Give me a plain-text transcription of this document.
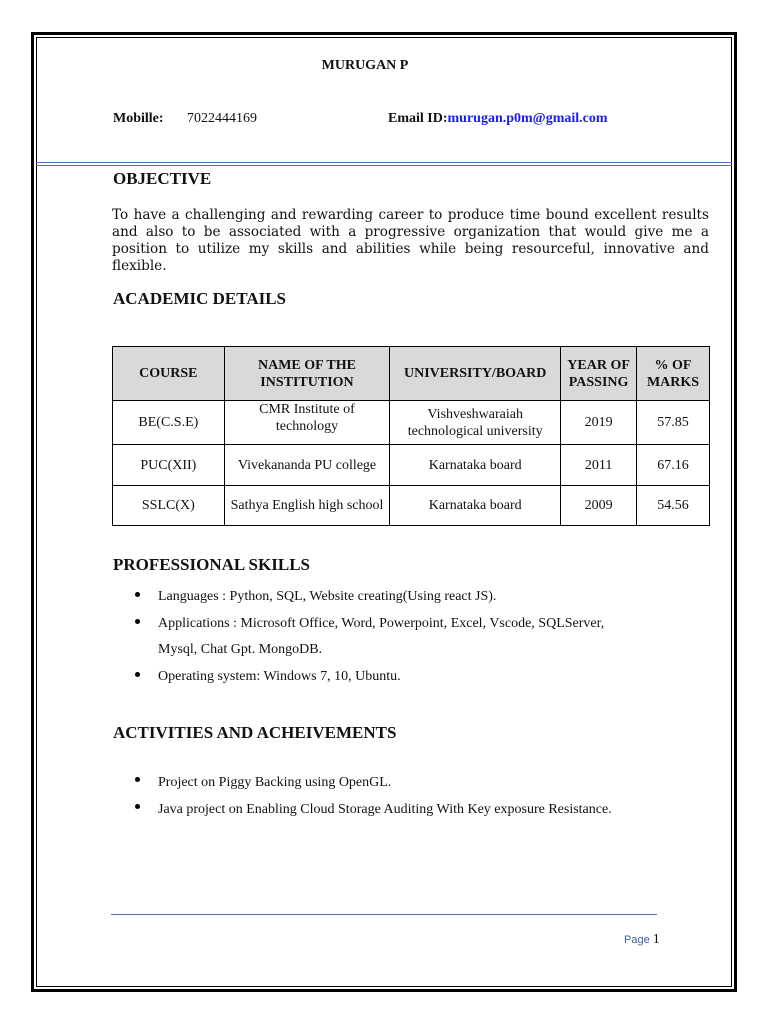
MURUGAN P
Mobille: 7022444169	Email ID:murugan.p0m@gmail.com
OBJECTIVE
To have a challenging and rewarding career to produce time bound excellent results and also to be associated with a progressive organization that would give me a position to utilize my skills and abilities while being resourceful, innovative and flexible.
ACADEMIC DETAILS
COURSE	NAME OF THE INSTITUTION	UNIVERSITY/BOARD	YEAR OF PASSING	% OF MARKS
BE(C.S.E)	CMR Institute of technology	Vishveshwaraiah technological university	2019	57.85
PUC(XII)	Vivekananda PU college	Karnataka board	2011	67.16
SSLC(X)	Sathya English high school	Karnataka board	2009	54.56
PROFESSIONAL SKILLS
Languages : Python, SQL, Website creating(Using react JS).
Applications : Microsoft Office, Word, Powerpoint, Excel, Vscode, SQLServer, Mysql, Chat Gpt. MongoDB.
Operating system: Windows 7, 10, Ubuntu.
ACTIVITIES AND ACHEIVEMENTS
Project on Piggy Backing using OpenGL.
Java project on Enabling Cloud Storage Auditing With Key exposure Resistance.
Page 1
